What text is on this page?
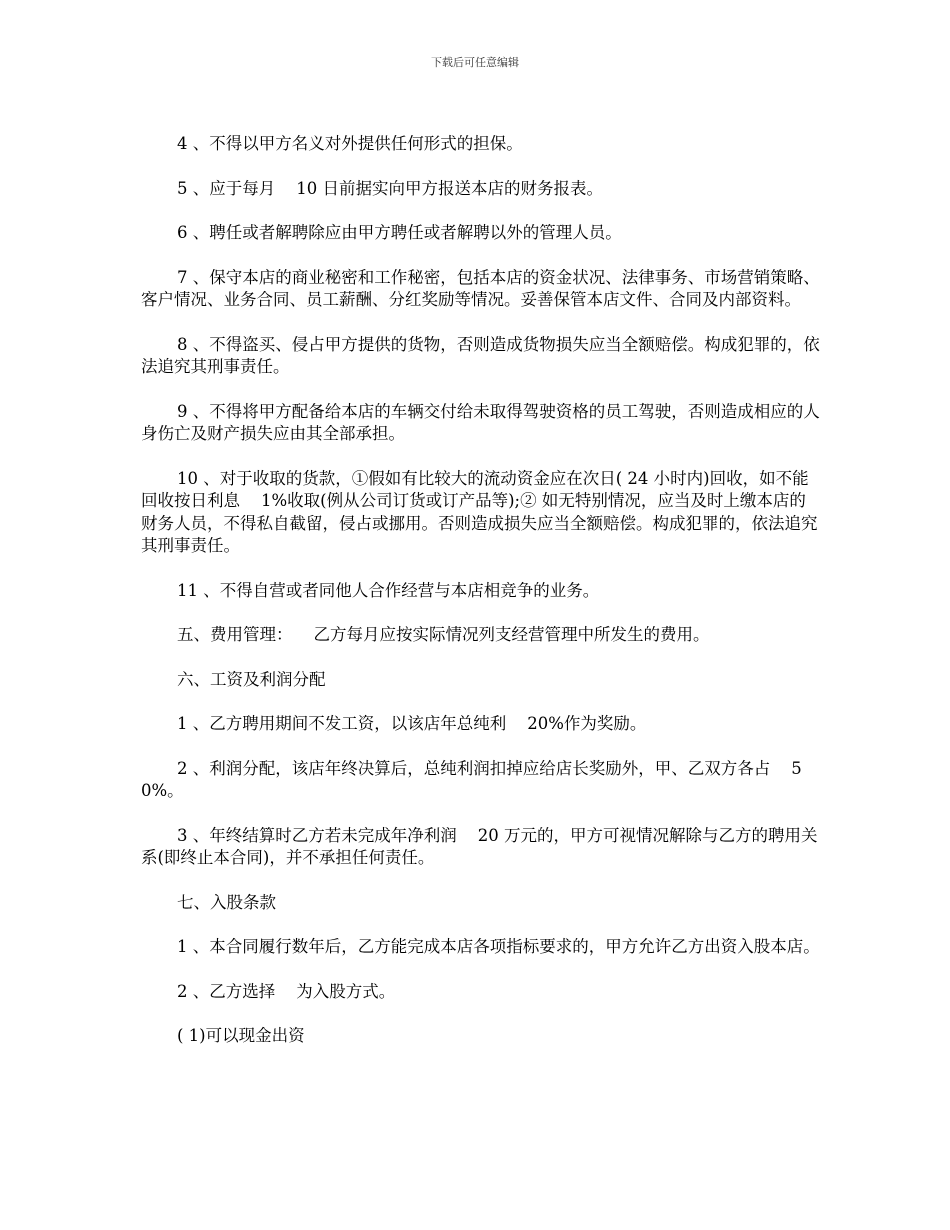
下载后可任意编辑

4 、不得以甲方名义对外提供任何形式的担保。

5 、应于每月    10 日前据实向甲方报送本店的财务报表。

6 、聘任或者解聘除应由甲方聘任或者解聘以外的管理人员。

7 、保守本店的商业秘密和工作秘密，包括本店的资金状况、法律事务、市场营销策略、客户情况、业务合同、员工薪酬、分红奖励等情况。妥善保管本店文件、合同及内部资料。

8 、不得盗买、侵占甲方提供的货物，否则造成货物损失应当全额赔偿。构成犯罪的，依法追究其刑事责任。

9 、不得将甲方配备给本店的车辆交付给未取得驾驶资格的员工驾驶，否则造成相应的人身伤亡及财产损失应由其全部承担。

10 、对于收取的货款，①假如有比较大的流动资金应在次日( 24 小时内)回收，如不能回收按日利息    1%收取(例从公司订货或订产品等);② 如无特别情况，应当及时上缴本店的财务人员，不得私自截留，侵占或挪用。否则造成损失应当全额赔偿。构成犯罪的，依法追究其刑事责任。

11 、不得自营或者同他人合作经营与本店相竞争的业务。

五、费用管理：    乙方每月应按实际情况列支经营管理中所发生的费用。

六、工资及利润分配

1 、乙方聘用期间不发工资，以该店年总纯利    20%作为奖励。

2 、利润分配，该店年终决算后，总纯利润扣掉应给店长奖励外，甲、乙双方各占    50%。

3 、年终结算时乙方若未完成年净利润    20 万元的，甲方可视情况解除与乙方的聘用关系(即终止本合同)，并不承担任何责任。

七、入股条款

1 、本合同履行数年后，乙方能完成本店各项指标要求的，甲方允许乙方出资入股本店。

2 、乙方选择    为入股方式。

( 1)可以现金出资
